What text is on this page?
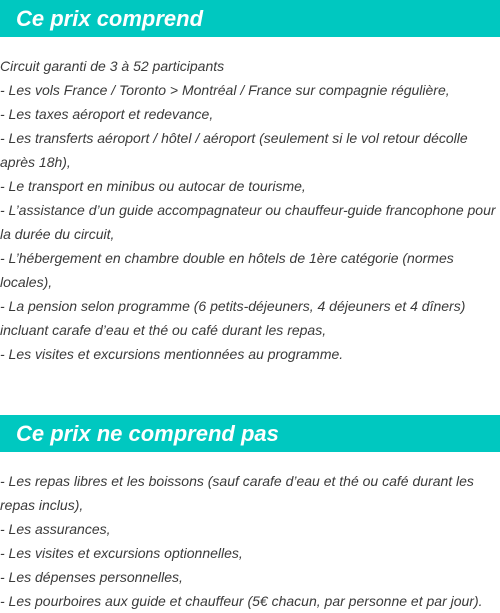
Ce prix comprend
Circuit garanti de 3 à 52 participants
- Les vols France / Toronto > Montréal / France sur compagnie régulière,
- Les taxes aéroport et redevance,
- Les transferts aéroport / hôtel / aéroport (seulement si le vol retour décolle après 18h),
- Le transport en minibus ou autocar de tourisme,
- L’assistance d’un guide accompagnateur ou chauffeur-guide francophone pour la durée du circuit,
- L’hébergement en chambre double en hôtels de 1ère catégorie (normes locales),
- La pension selon programme (6 petits-déjeuners, 4 déjeuners et 4 dîners) incluant carafe d’eau et thé ou café durant les repas,
- Les visites et excursions mentionnées au programme.
Ce prix ne comprend pas
- Les repas libres et les boissons (sauf carafe d’eau et thé ou café durant les repas inclus),
- Les assurances,
- Les visites et excursions optionnelles,
- Les dépenses personnelles,
- Les pourboires aux guide et chauffeur (5€ chacun, par personne et par jour).
